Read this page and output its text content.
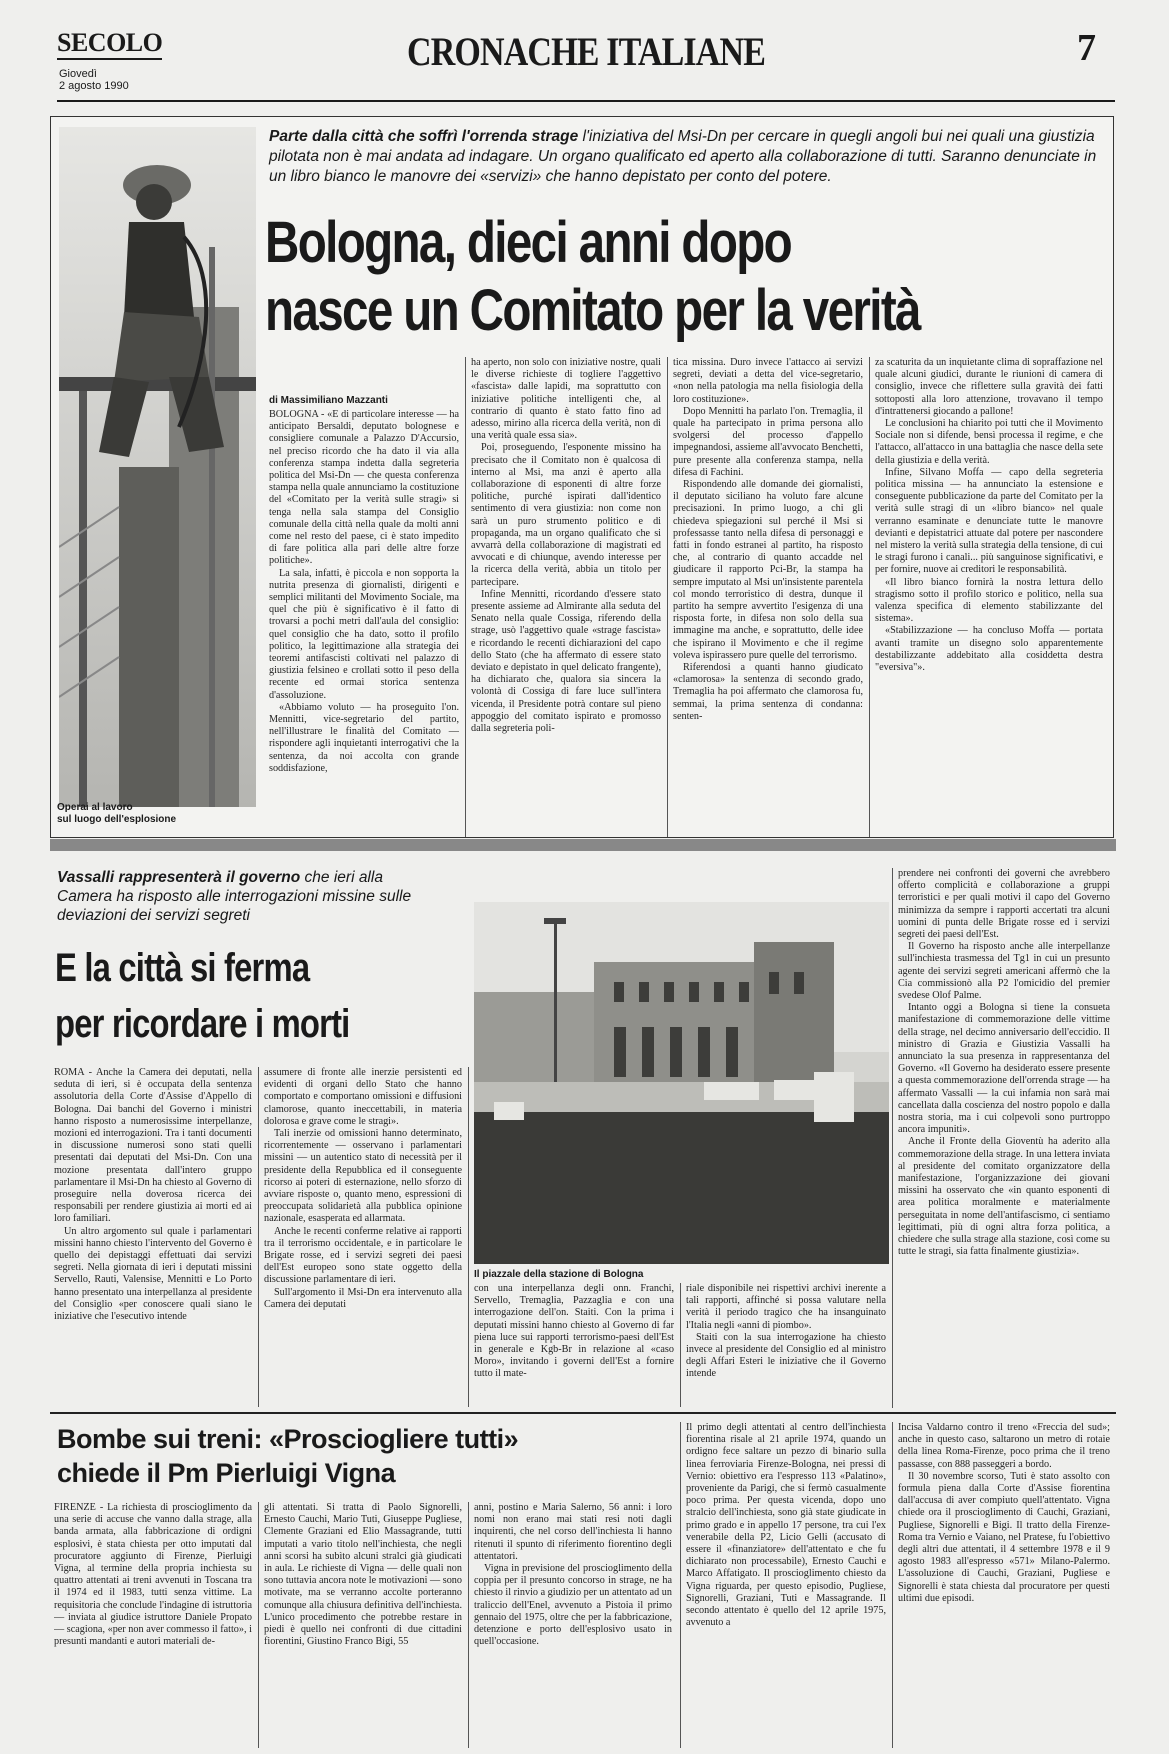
SECOLO
Giovedì
2 agosto 1990
CRONACHE ITALIANE	7
Operai al lavoro
sul luogo dell'esplosione
Parte dalla città che soffrì l'orrenda strage l'iniziativa del Msi-Dn per cercare in quegli angoli bui nei quali una giustizia pilotata non è mai andata ad indagare. Un organo qualificato ed aperto alla collaborazione di tutti. Saranno denunciate in un libro bianco le manovre dei «servizi» che hanno depistato per conto del potere.
Bologna, dieci anni dopo
nasce un Comitato per la verità
di Massimiliano Mazzanti
BOLOGNA - «E di particolare interesse — ha anticipato Bersaldi, deputato bolognese e consigliere comunale a Palazzo D'Accursio, nel preciso ricordo che ha dato il via alla conferenza stampa indetta dalla segreteria politica del Msi-Dn — che questa conferenza stampa nella quale annunciamo la costituzione del «Comitato per la verità sulle stragi» si tenga nella sala stampa del Consiglio comunale della città nella quale da molti anni come nel resto del paese, ci è stato impedito di fare politica alla pari delle altre forze politiche».
La sala, infatti, è piccola e non sopporta la nutrita presenza di giornalisti, dirigenti e semplici militanti del Movimento Sociale, ma quel che più è significativo è il fatto di trovarsi a pochi metri dall'aula del consiglio: quel consiglio che ha dato, sotto il profilo politico, la legittimazione alla strategia dei teoremi antifascisti coltivati nel palazzo di giustizia felsineo e crollati sotto il peso della recente ed ormai storica sentenza d'assoluzione.
«Abbiamo voluto — ha proseguito l'on. Mennitti, vice-segretario del partito, nell'illustrare le finalità del Comitato — rispondere agli inquietanti interrogativi che la sentenza, da noi accolta con grande soddisfazione,
ha aperto, non solo con iniziative nostre, quali le diverse richieste di togliere l'aggettivo «fascista» dalle lapidi, ma soprattutto con iniziative politiche intelligenti che, al contrario di quanto è stato fatto fino ad adesso, mirino alla ricerca della verità, non di una verità quale essa sia».
Poi, proseguendo, l'esponente missino ha precisato che il Comitato non è qualcosa di interno al Msi, ma anzi è aperto alla collaborazione di esponenti di altre forze politiche, purché ispirati dall'identico sentimento di vera giustizia: non come non sarà un puro strumento politico e di propaganda, ma un organo qualificato che si avvarrà della collaborazione di magistrati ed avvocati e di chiunque, avendo interesse per la ricerca della verità, abbia un titolo per partecipare.
Infine Mennitti, ricordando d'essere stato presente assieme ad Almirante alla seduta del Senato nella quale Cossiga, riferendo della strage, usò l'aggettivo quale «strage fascista» e ricordando le recenti dichiarazioni del capo dello Stato (che ha affermato di essere stato deviato e depistato in quel delicato frangente), ha dichiarato che, qualora sia sincera la volontà di Cossiga di fare luce sull'intera vicenda, il Presidente potrà contare sul pieno appoggio del comitato ispirato e promosso dalla segreteria poli-
tica missina. Duro invece l'attacco ai servizi segreti, deviati a detta del vice-segretario, «non nella patologia ma nella fisiologia della loro costituzione».
Dopo Mennitti ha parlato l'on. Tremaglia, il quale ha partecipato in prima persona allo svolgersi del processo d'appello impegnandosi, assieme all'avvocato Benchetti, pure presente alla conferenza stampa, nella difesa di Fachini.
Rispondendo alle domande dei giornalisti, il deputato siciliano ha voluto fare alcune precisazioni. In primo luogo, a chi gli chiedeva spiegazioni sul perché il Msi si professasse tanto nella difesa di personaggi e fatti in fondo estranei al partito, ha risposto che, al contrario di quanto accadde nel giudicare il rapporto Pci-Br, la stampa ha sempre imputato al Msi un'insistente parentela col mondo terroristico di destra, dunque il partito ha sempre avvertito l'esigenza di una risposta forte, in difesa non solo della sua immagine ma anche, e soprattutto, delle idee che ispirano il Movimento e che il regime voleva ispirassero pure quelle del terrorismo.
Riferendosi a quanti hanno giudicato «clamorosa» la sentenza di secondo grado, Tremaglia ha poi affermato che clamorosa fu, semmai, la prima sentenza di condanna: senten-
za scaturita da un inquietante clima di sopraffazione nel quale alcuni giudici, durante le riunioni di camera di consiglio, invece che riflettere sulla gravità dei fatti sottoposti alla loro attenzione, trovavano il tempo d'intrattenersi giocando a pallone!
Le conclusioni ha chiarito poi tutti che il Movimento Sociale non si difende, bensì processa il regime, e che l'attacco, all'attacco in una battaglia che nasce della sete della giustizia e della verità.
Infine, Silvano Moffa — capo della segreteria politica missina — ha annunciato la estensione e conseguente pubblicazione da parte del Comitato per la verità sulle stragi di un «libro bianco» nel quale verranno esaminate e denunciate tutte le manovre devianti e depistatrici attuate dal potere per nascondere nel mistero la verità sulla strategia della tensione, di cui le stragi furono i canali... più sanguinose significativi, e per fornire, nuove ai creditori le responsabilità.
«Il libro bianco fornirà la nostra lettura dello stragismo sotto il profilo storico e politico, nella sua valenza specifica di elemento stabilizzante del sistema».
«Stabilizzazione — ha concluso Moffa — portata avanti tramite un disegno solo apparentemente destabilizzante addebitato alla cosiddetta destra "eversiva"».
Vassalli rappresenterà il governo che ieri alla Camera ha risposto alle interrogazioni missine sulle deviazioni dei servizi segreti
E la città si ferma
per ricordare i morti
ROMA - Anche la Camera dei deputati, nella seduta di ieri, si è occupata della sentenza assolutoria della Corte d'Assise d'Appello di Bologna. Dai banchi del Governo i ministri hanno risposto a numerosissime interpellanze, mozioni ed interrogazioni. Tra i tanti documenti in discussione numerosi sono stati quelli presentati dai deputati del Msi-Dn. Con una mozione presentata dall'intero gruppo parlamentare il Msi-Dn ha chiesto al Governo di proseguire nella doverosa ricerca dei responsabili per rendere giustizia ai morti ed ai loro familiari.
Un altro argomento sul quale i parlamentari missini hanno chiesto l'intervento del Governo è quello dei depistaggi effettuati dai servizi segreti. Nella giornata di ieri i deputati missini Servello, Rauti, Valensise, Mennitti e Lo Porto hanno presentato una interpellanza al presidente del Consiglio «per conoscere quali siano le iniziative che l'esecutivo intende
assumere di fronte alle inerzie persistenti ed evidenti di organi dello Stato che hanno comportato e comportano omissioni e diffusioni clamorose, quanto ineccettabili, in materia dolorosa e grave come le stragi».
Tali inerzie od omissioni hanno determinato, ricorrentemente — osservano i parlamentari missini — un autentico stato di necessità per il presidente della Repubblica ed il conseguente ricorso ai poteri di esternazione, nello sforzo di avviare risposte o, quanto meno, espressioni di preoccupata solidarietà alla pubblica opinione nazionale, esasperata ed allarmata.
Anche le recenti conferme relative ai rapporti tra il terrorismo occidentale, e in particolare le Brigate rosse, ed i servizi segreti dei paesi dell'Est europeo sono state oggetto della discussione parlamentare di ieri.
Sull'argomento il Msi-Dn era intervenuto alla Camera dei deputati
Il piazzale della stazione di Bologna
con una interpellanza degli onn. Franchi, Servello, Tremaglia, Pazzaglia e con una interrogazione dell'on. Staiti. Con la prima i deputati missini hanno chiesto al Governo di far piena luce sui rapporti terrorismo-paesi dell'Est in generale e Kgb-Br in relazione al «caso Moro», invitando i governi dell'Est a fornire tutto il mate-
riale disponibile nei rispettivi archivi inerente a tali rapporti, affinché si possa valutare nella verità il periodo tragico che ha insanguinato l'Italia negli «anni di piombo».
Staiti con la sua interrogazione ha chiesto invece al presidente del Consiglio ed al ministro degli Affari Esteri le iniziative che il Governo intende
prendere nei confronti dei governi che avrebbero offerto complicità e collaborazione a gruppi terroristici e per quali motivi il capo del Governo minimizza da sempre i rapporti accertati tra alcuni uomini di punta delle Brigate rosse ed i servizi segreti dei paesi dell'Est.
Il Governo ha risposto anche alle interpellanze sull'inchiesta trasmessa del Tg1 in cui un presunto agente dei servizi segreti americani affermò che la Cia commissionò alla P2 l'omicidio del premier svedese Olof Palme.
Intanto oggi a Bologna si tiene la consueta manifestazione di commemorazione delle vittime della strage, nel decimo anniversario dell'eccidio. Il ministro di Grazia e Giustizia Vassalli ha annunciato la sua presenza in rappresentanza del Governo. «Il Governo ha desiderato essere presente a questa commemorazione dell'orrenda strage — ha affermato Vassalli — la cui infamia non sarà mai cancellata dalla coscienza del nostro popolo e dalla nostra storia, ma i cui colpevoli sono purtroppo ancora impuniti».
Anche il Fronte della Gioventù ha aderito alla commemorazione della strage. In una lettera inviata al presidente del comitato organizzatore della manifestazione, l'organizzazione dei giovani missini ha osservato che «in quanto esponenti di area politica moralmente e materialmente perseguitata in nome dell'antifascismo, ci sentiamo legittimati, più di ogni altra forza politica, a chiedere che sulla strage alla stazione, così come su tutte le stragi, sia fatta finalmente giustizia».
Bombe sui treni: «Prosciogliere tutti»
chiede il Pm Pierluigi Vigna
FIRENZE - La richiesta di proscioglimento da una serie di accuse che vanno dalla strage, alla banda armata, alla fabbricazione di ordigni esplosivi, è stata chiesta per otto imputati dal procuratore aggiunto di Firenze, Pierluigi Vigna, al termine della propria inchiesta su quattro attentati ai treni avvenuti in Toscana tra il 1974 ed il 1983, tutti senza vittime. La requisitoria che conclude l'indagine di istruttoria — inviata al giudice istruttore Daniele Propato — scagiona, «per non aver commesso il fatto», i presunti mandanti e autori materiali de-
gli attentati. Si tratta di Paolo Signorelli, Ernesto Cauchi, Mario Tuti, Giuseppe Pugliese, Clemente Graziani ed Elio Massagrande, tutti imputati a vario titolo nell'inchiesta, che negli anni scorsi ha subìto alcuni stralci già giudicati in aula. Le richieste di Vigna — delle quali non sono tuttavia ancora note le motivazioni — sono motivate, ma se verranno accolte porteranno comunque alla chiusura definitiva dell'inchiesta. L'unico procedimento che potrebbe restare in piedi è quello nei confronti di due cittadini fiorentini, Giustino Franco Bigi, 55
anni, postino e Maria Salerno, 56 anni: i loro nomi non erano mai stati resi noti dagli inquirenti, che nel corso dell'inchiesta li hanno ritenuti il spunto di riferimento fiorentino degli attentatori.
Vigna in previsione del proscioglimento della coppia per il presunto concorso in strage, ne ha chiesto il rinvio a giudizio per un attentato ad un traliccio dell'Enel, avvenuto a Pistoia il primo gennaio del 1975, oltre che per la fabbricazione, detenzione e porto dell'esplosivo usato in quell'occasione.
Il primo degli attentati al centro dell'inchiesta fiorentina risale al 21 aprile 1974, quando un ordigno fece saltare un pezzo di binario sulla linea ferroviaria Firenze-Bologna, nei pressi di Vernio: obiettivo era l'espresso 113 «Palatino», proveniente da Parigi, che si fermò casualmente poco prima. Per questa vicenda, dopo uno stralcio dell'inchiesta, sono già state giudicate in primo grado e in appello 17 persone, tra cui l'ex venerabile della P2, Licio Gelli (accusato di essere il «finanziatore» dell'attentato e che fu dichiarato non processabile), Ernesto Cauchi e Marco Affatigato. Il proscioglimento chiesto da Vigna riguarda, per questo episodio, Pugliese, Signorelli, Graziani, Tuti e Massagrande. Il secondo attentato è quello del 12 aprile 1975, avvenuto a
Incisa Valdarno contro il treno «Freccia del sud»; anche in questo caso, saltarono un metro di rotaie della linea Roma-Firenze, poco prima che il treno passasse, con 888 passeggeri a bordo.
Il 30 novembre scorso, Tuti è stato assolto con formula piena dalla Corte d'Assise fiorentina dall'accusa di aver compiuto quell'attentato. Vigna chiede ora il proscioglimento di Cauchi, Graziani, Pugliese, Signorelli e Bigi. Il tratto della Firenze-Roma tra Vernio e Vaiano, nel Pratese, fu l'obiettivo degli altri due attentati, il 4 settembre 1978 e il 9 agosto 1983 all'espresso «571» Milano-Palermo. L'assoluzione di Cauchi, Graziani, Pugliese e Signorelli è stata chiesta dal procuratore per questi ultimi due episodi.
